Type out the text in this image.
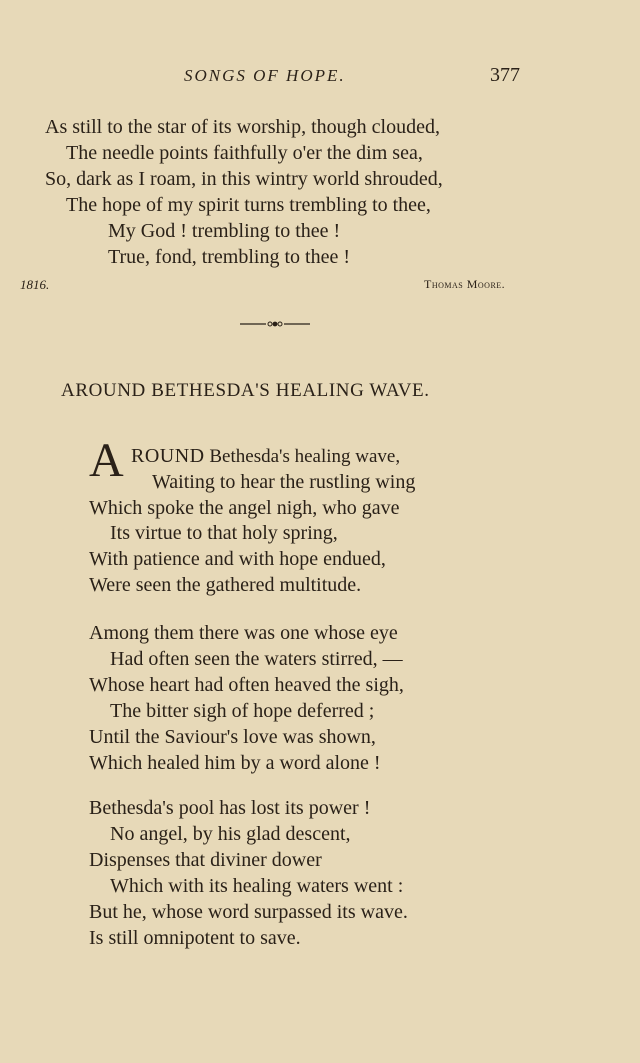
SONGS OF HOPE.	377
As still to the star of its worship, though clouded,
The needle points faithfully o'er the dim sea,
So, dark as I roam, in this wintry world shrouded,
The hope of my spirit turns trembling to thee,
My God ! trembling to thee !
True, fond, trembling to thee !
1816.	Thomas Moore.
AROUND BETHESDA'S HEALING WAVE.
A ROUND Bethesda's healing wave,
Waiting to hear the rustling wing
Which spoke the angel nigh, who gave
Its virtue to that holy spring,
With patience and with hope endued,
Were seen the gathered multitude.
Among them there was one whose eye
Had often seen the waters stirred, —
Whose heart had often heaved the sigh,
The bitter sigh of hope deferred ;
Until the Saviour's love was shown,
Which healed him by a word alone !
Bethesda's pool has lost its power !
No angel, by his glad descent,
Dispenses that diviner dower
Which with its healing waters went :
But he, whose word surpassed its wave.
Is still omnipotent to save.
